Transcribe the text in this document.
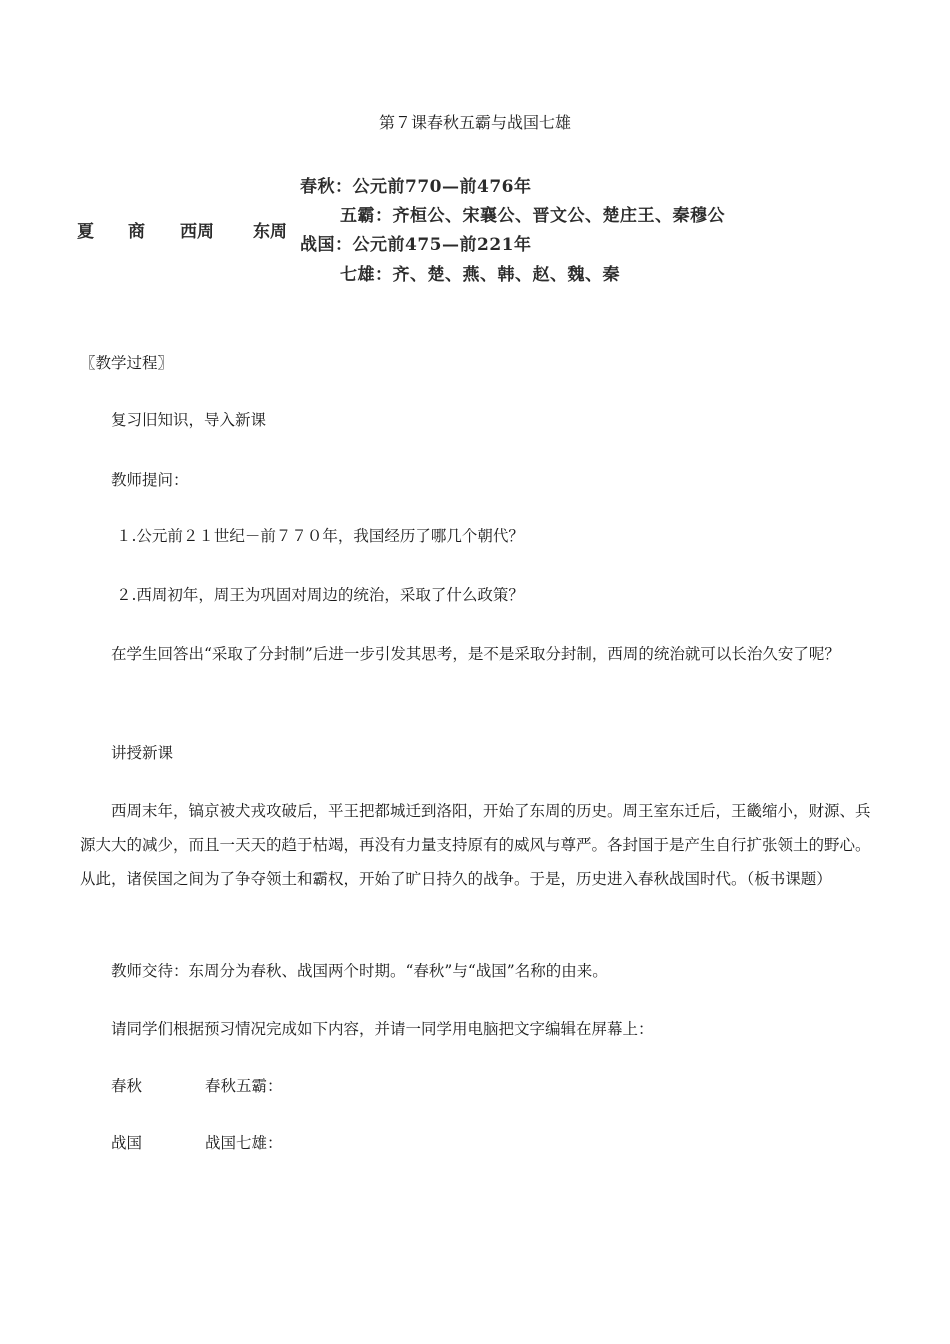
第７课春秋五霸与战国七雄
夏 商 西周 东周
春秋：公元前770—前476年
五霸：齐桓公、宋襄公、晋文公、楚庄王、秦穆公
战国：公元前475—前221年
七雄：齐、楚、燕、韩、赵、魏、秦
〖教学过程〗
复习旧知识，导入新课
教师提问：
１.公元前２１世纪－前７７０年，我国经历了哪几个朝代？
２.西周初年，周王为巩固对周边的统治，采取了什么政策？
在学生回答出“采取了分封制”后进一步引发其思考，是不是采取分封制，西周的统治就可以长治久安了呢？
讲授新课
西周末年，镐京被犬戎攻破后，平王把都城迁到洛阳，开始了东周的历史。周王室东迁后，王畿缩小，财源、兵源大大的减少，而且一天天的趋于枯竭，再没有力量支持原有的威风与尊严。各封国于是产生自行扩张领土的野心。从此，诸侯国之间为了争夺领土和霸权，开始了旷日持久的战争。于是，历史进入春秋战国时代。（板书课题）
教师交待：东周分为春秋、战国两个时期。“春秋”与“战国”名称的由来。
请同学们根据预习情况完成如下内容，并请一同学用电脑把文字编辑在屏幕上：
春秋	春秋五霸：
战国	战国七雄：
